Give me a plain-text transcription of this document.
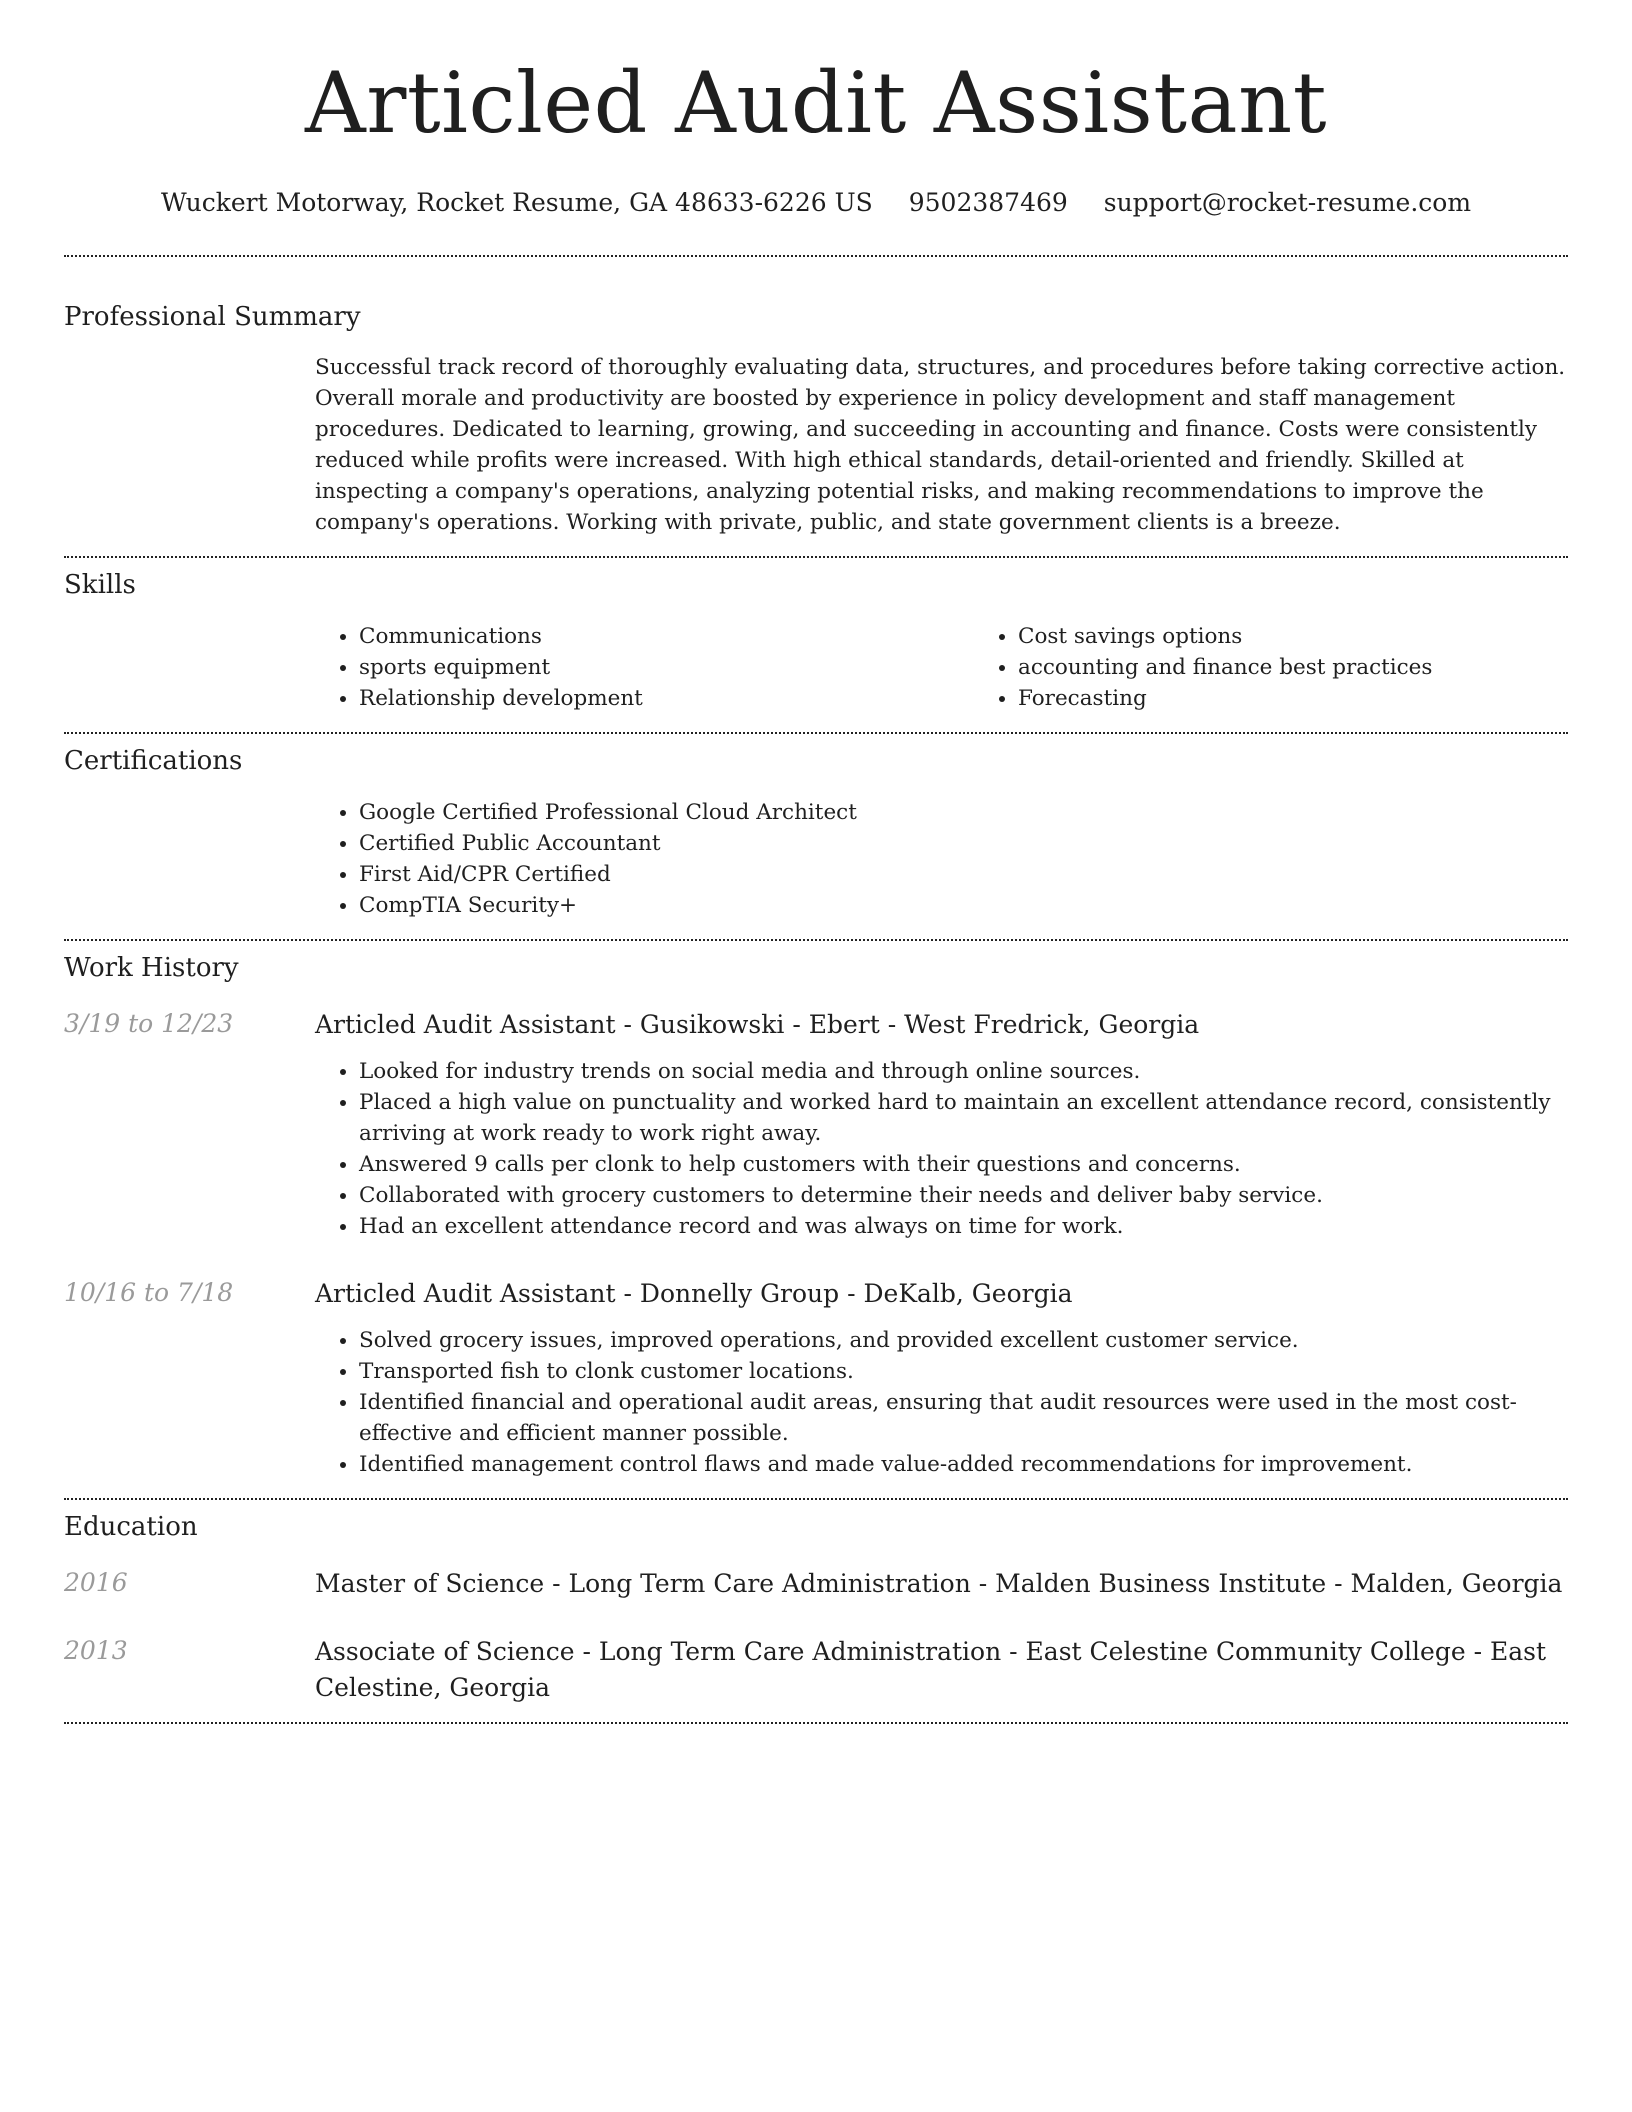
Articled Audit Assistant
Wuckert Motorway, Rocket Resume, GA 48633-6226 US 9502387469 support@rocket-resume.com
Professional Summary

Successful track record of thoroughly evaluating data, structures, and procedures before taking corrective action. Overall morale and productivity are boosted by experience in policy development and staff management procedures. Dedicated to learning, growing, and succeeding in accounting and finance. Costs were consistently reduced while profits were increased. With high ethical standards, detail-oriented and friendly. Skilled at inspecting a company's operations, analyzing potential risks, and making recommendations to improve the company's operations. Working with private, public, and state government clients is a breeze.

Skills
• Communications
• sports equipment
• Relationship development
• Cost savings options
• accounting and finance best practices
• Forecasting
Certifications
• Google Certified Professional Cloud Architect
• Certified Public Accountant
• First Aid/CPR Certified
• CompTIA Security+
Work History
3/19 to 12/23	Articled Audit Assistant - Gusikowski - Ebert - West Fredrick, Georgia
• Looked for industry trends on social media and through online sources.
• Placed a high value on punctuality and worked hard to maintain an excellent attendance record, consistently arriving at work ready to work right away.
• Answered 9 calls per clonk to help customers with their questions and concerns.
• Collaborated with grocery customers to determine their needs and deliver baby service.
• Had an excellent attendance record and was always on time for work.
10/16 to 7/18	Articled Audit Assistant - Donnelly Group - DeKalb, Georgia
• Solved grocery issues, improved operations, and provided excellent customer service.
• Transported fish to clonk customer locations.
• Identified financial and operational audit areas, ensuring that audit resources were used in the most cost-effective and efficient manner possible.
• Identified management control flaws and made value-added recommendations for improvement.
Education
2016	Master of Science - Long Term Care Administration - Malden Business Institute - Malden, Georgia
2013	Associate of Science - Long Term Care Administration - East Celestine Community College - East Celestine, Georgia
